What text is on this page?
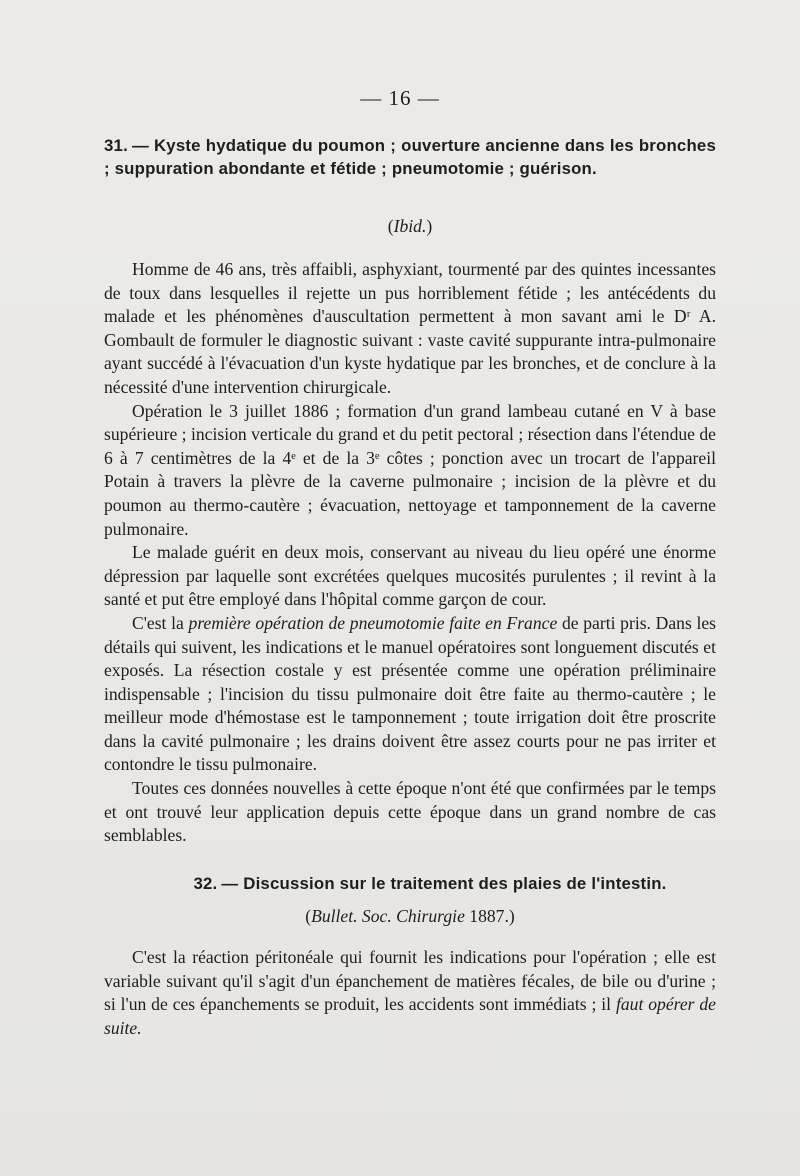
— 16 —
31. — Kyste hydatique du poumon ; ouverture ancienne dans les bronches ; suppuration abondante et fétide ; pneumotomie ; guérison.
(Ibid.)

Homme de 46 ans, très affaibli, asphyxiant, tourmenté par des quintes incessantes de toux dans lesquelles il rejette un pus horriblement fétide ; les antécédents du malade et les phénomènes d'auscultation permettent à mon savant ami le Dʳ A. Gombault de formuler le diagnostic suivant : vaste cavité suppurante intra-pulmonaire ayant succédé à l'évacuation d'un kyste hydatique par les bronches, et de conclure à la nécessité d'une intervention chirurgicale.

Opération le 3 juillet 1886 ; formation d'un grand lambeau cutané en V à base supérieure ; incision verticale du grand et du petit pectoral ; résection dans l'étendue de 6 à 7 centimètres de la 4ᵉ et de la 3ᵉ côtes ; ponction avec un trocart de l'appareil Potain à travers la plèvre de la caverne pulmonaire ; incision de la plèvre et du poumon au thermo-cautère ; évacuation, nettoyage et tamponnement de la caverne pulmonaire.

Le malade guérit en deux mois, conservant au niveau du lieu opéré une énorme dépression par laquelle sont excrétées quelques mucosités purulentes ; il revint à la santé et put être employé dans l'hôpital comme garçon de cour.

C'est la première opération de pneumotomie faite en France de parti pris. Dans les détails qui suivent, les indications et le manuel opératoires sont longuement discutés et exposés. La résection costale y est présentée comme une opération préliminaire indispensable ; l'incision du tissu pulmonaire doit être faite au thermo-cautère ; le meilleur mode d'hémostase est le tamponnement ; toute irrigation doit être proscrite dans la cavité pulmonaire ; les drains doivent être assez courts pour ne pas irriter et contondre le tissu pulmonaire.

Toutes ces données nouvelles à cette époque n'ont été que confirmées par le temps et ont trouvé leur application depuis cette époque dans un grand nombre de cas semblables.

32. — Discussion sur le traitement des plaies de l'intestin.
(Bullet. Soc. Chirurgie 1887.)

C'est la réaction péritonéale qui fournit les indications pour l'opération ; elle est variable suivant qu'il s'agit d'un épanchement de matières fécales, de bile ou d'urine ; si l'un de ces épanchements se produit, les accidents sont immédiats ; il faut opérer de suite.
